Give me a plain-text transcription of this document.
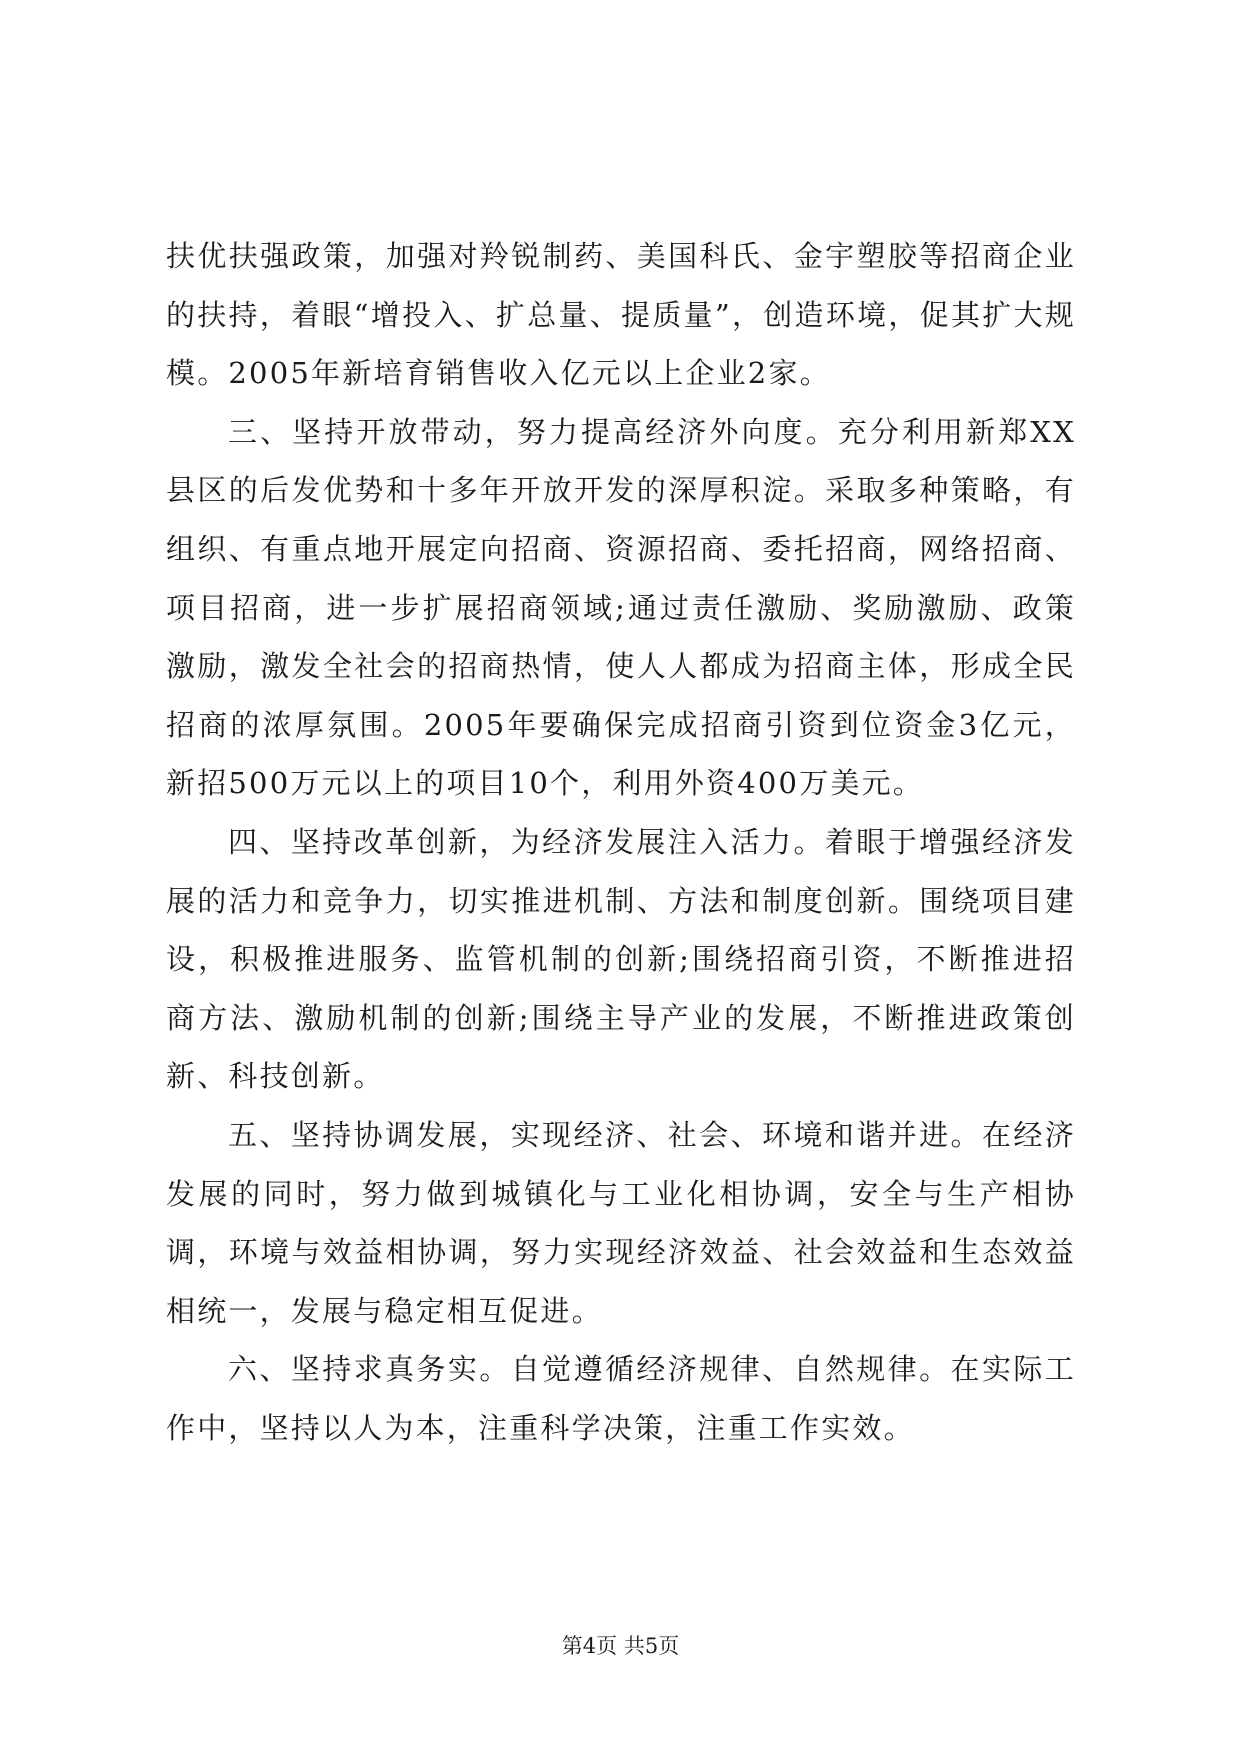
扶优扶强政策，加强对羚锐制药、美国科氏、金宇塑胶等招商企业的扶持，着眼“增投入、扩总量、提质量”，创造环境，促其扩大规模。2005年新培育销售收入亿元以上企业2家。

三、坚持开放带动，努力提高经济外向度。充分利用新郑XX县区的后发优势和十多年开放开发的深厚积淀。采取多种策略，有组织、有重点地开展定向招商、资源招商、委托招商，网络招商、项目招商，进一步扩展招商领域;通过责任激励、奖励激励、政策激励，激发全社会的招商热情，使人人都成为招商主体，形成全民招商的浓厚氛围。2005年要确保完成招商引资到位资金3亿元，新招500万元以上的项目10个，利用外资400万美元。

四、坚持改革创新，为经济发展注入活力。着眼于增强经济发展的活力和竞争力，切实推进机制、方法和制度创新。围绕项目建设，积极推进服务、监管机制的创新;围绕招商引资，不断推进招商方法、激励机制的创新;围绕主导产业的发展，不断推进政策创新、科技创新。

五、坚持协调发展，实现经济、社会、环境和谐并进。在经济发展的同时，努力做到城镇化与工业化相协调，安全与生产相协调，环境与效益相协调，努力实现经济效益、社会效益和生态效益相统一，发展与稳定相互促进。

六、坚持求真务实。自觉遵循经济规律、自然规律。在实际工作中，坚持以人为本，注重科学决策，注重工作实效。

第4页 共5页
